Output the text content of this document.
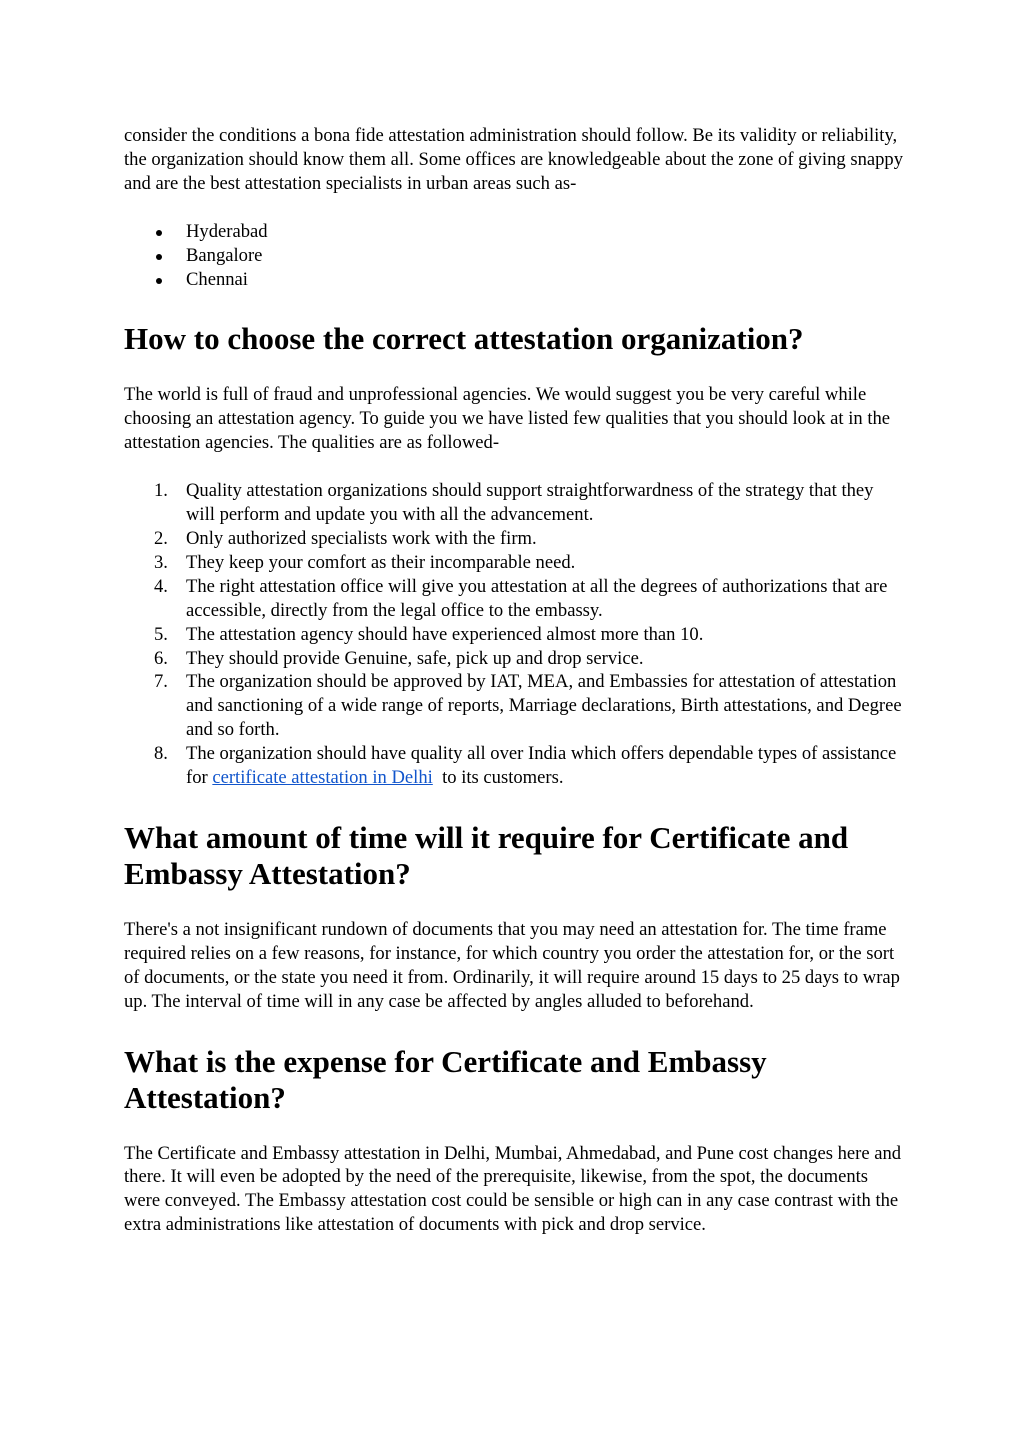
consider the conditions a bona fide attestation administration should follow. Be its validity or reliability, the organization should know them all. Some offices are knowledgeable about the zone of giving snappy and are the best attestation specialists in urban areas such as-

Hyderabad
Bangalore
Chennai
How to choose the correct attestation organization?

The world is full of fraud and unprofessional agencies. We would suggest you be very careful while choosing an attestation agency. To guide you we have listed few qualities that you should look at in the attestation agencies. The qualities are as followed-

1. Quality attestation organizations should support straightforwardness of the strategy that they will perform and update you with all the advancement.
2. Only authorized specialists work with the firm.
3. They keep your comfort as their incomparable need.
4. The right attestation office will give you attestation at all the degrees of authorizations that are accessible, directly from the legal office to the embassy.
5. The attestation agency should have experienced almost more than 10.
6. They should provide Genuine, safe, pick up and drop service.
7. The organization should be approved by IAT, MEA, and Embassies for attestation of attestation and sanctioning of a wide range of reports, Marriage declarations, Birth attestations, and Degree and so forth.
8. The organization should have quality all over India which offers dependable types of assistance for certificate attestation in Delhi  to its customers.
What amount of time will it require for Certificate and Embassy Attestation?

There's a not insignificant rundown of documents that you may need an attestation for. The time frame required relies on a few reasons, for instance, for which country you order the attestation for, or the sort of documents, or the state you need it from. Ordinarily, it will require around 15 days to 25 days to wrap up. The interval of time will in any case be affected by angles alluded to beforehand.

What is the expense for Certificate and Embassy Attestation?

The Certificate and Embassy attestation in Delhi, Mumbai, Ahmedabad, and Pune cost changes here and there. It will even be adopted by the need of the prerequisite, likewise, from the spot, the documents were conveyed. The Embassy attestation cost could be sensible or high can in any case contrast with the extra administrations like attestation of documents with pick and drop service.
